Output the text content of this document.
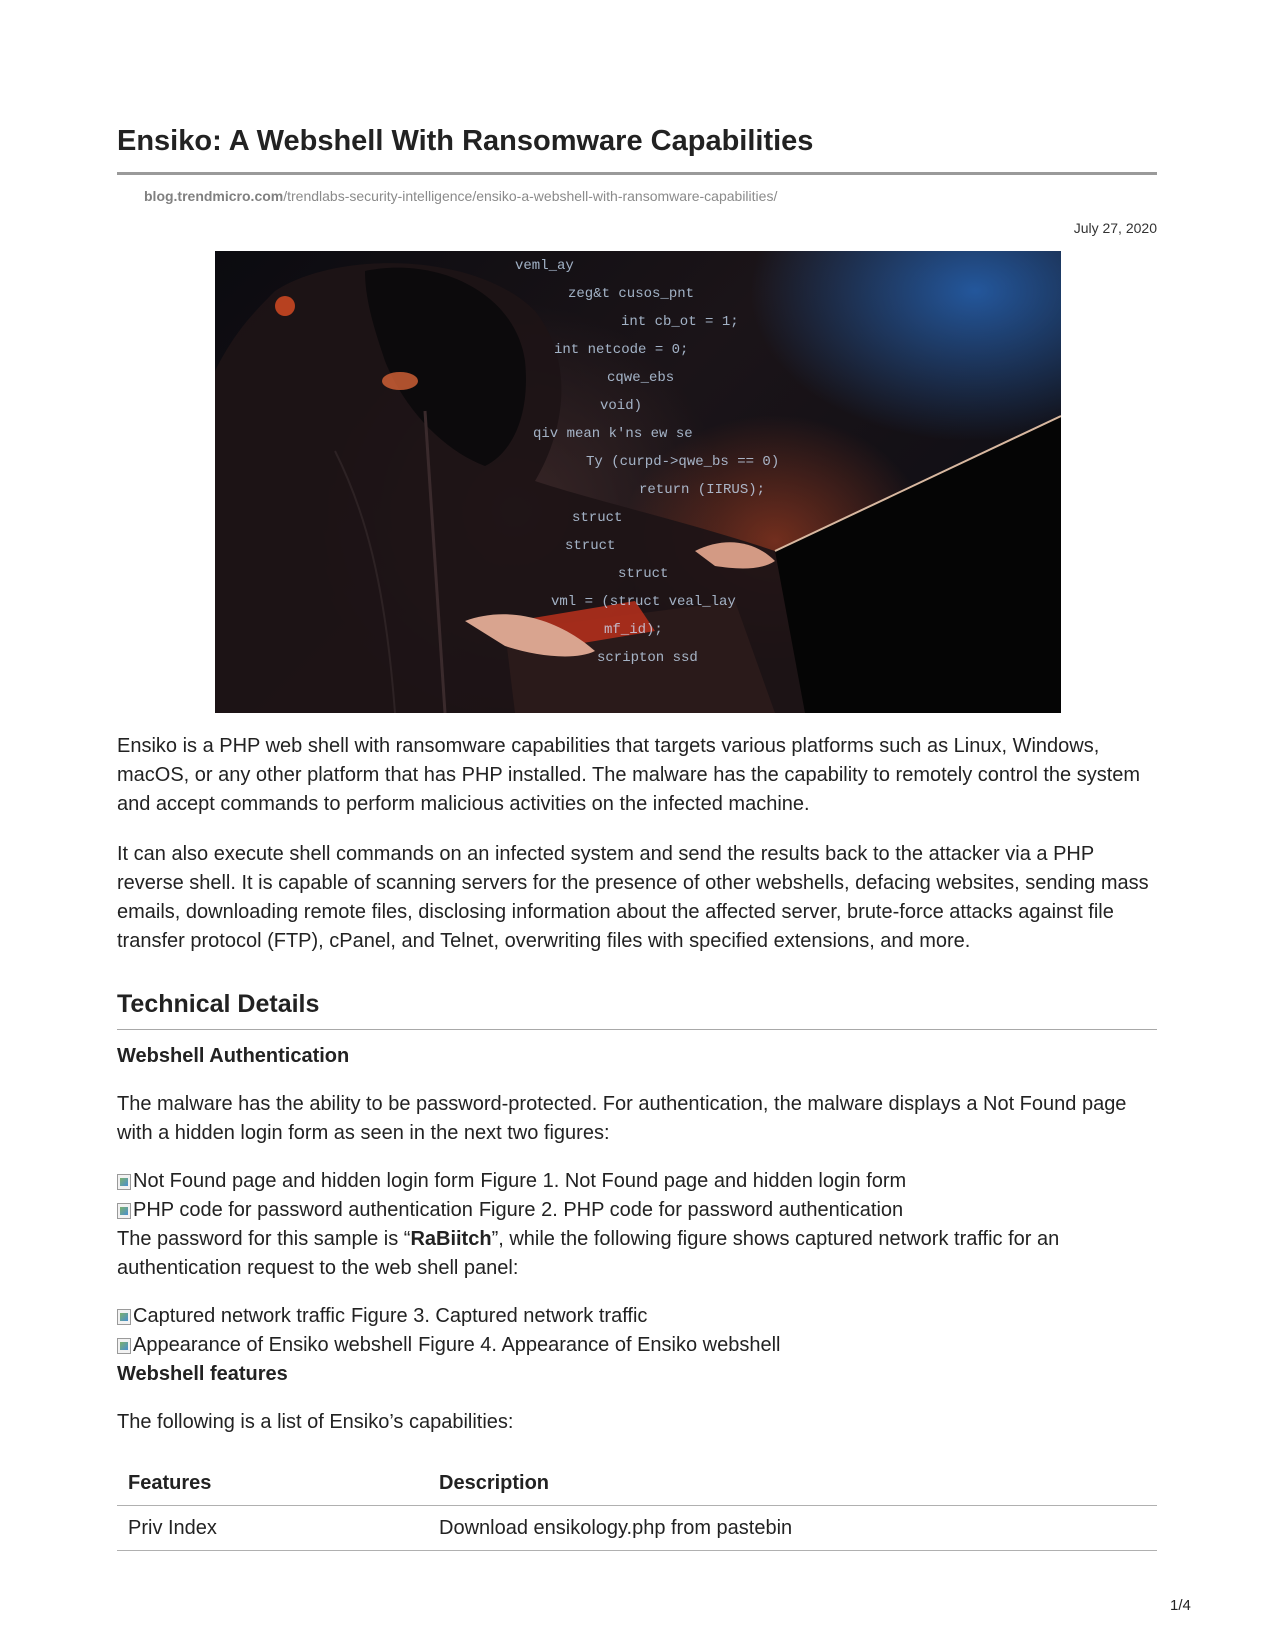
Ensiko: A Webshell With Ransomware Capabilities
blog.trendmicro.com/trendlabs-security-intelligence/ensiko-a-webshell-with-ransomware-capabilities/
July 27, 2020
veml_ay
zeg&t cusos_pnt
int cb_ot = 1;
int netcode = 0;
cqwe_ebs
void)
qiv mean k'ns ew se
Ty (curpd->qwe_bs == 0)
return (IIRUS);
struct
struct
struct
vml = (struct veal_lay
mf_id);
scripton ssd

Ensiko is a PHP web shell with ransomware capabilities that targets various platforms such as Linux, Windows, macOS, or any other platform that has PHP installed. The malware has the capability to remotely control the system and accept commands to perform malicious activities on the infected machine.

It can also execute shell commands on an infected system and send the results back to the attacker via a PHP reverse shell. It is capable of scanning servers for the presence of other webshells, defacing websites, sending mass emails, downloading remote files, disclosing information about the affected server, brute-force attacks against file transfer protocol (FTP), cPanel, and Telnet, overwriting files with specified extensions, and more.

Technical Details
Webshell Authentication

The malware has the ability to be password-protected. For authentication, the malware displays a Not Found page with a hidden login form as seen in the next two figures:

Not Found page and hidden login form Figure 1. Not Found page and hidden login form
PHP code for password authentication Figure 2. PHP code for password authentication

The password for this sample is “RaBiitch”, while the following figure shows captured network traffic for an authentication request to the web shell panel:

Captured network traffic Figure 3. Captured network traffic
Appearance of Ensiko webshell Figure 4. Appearance of Ensiko webshell
Webshell features

The following is a list of Ensiko’s capabilities:

Features	Description
Priv Index	Download ensikology.php from pastebin
1/4
